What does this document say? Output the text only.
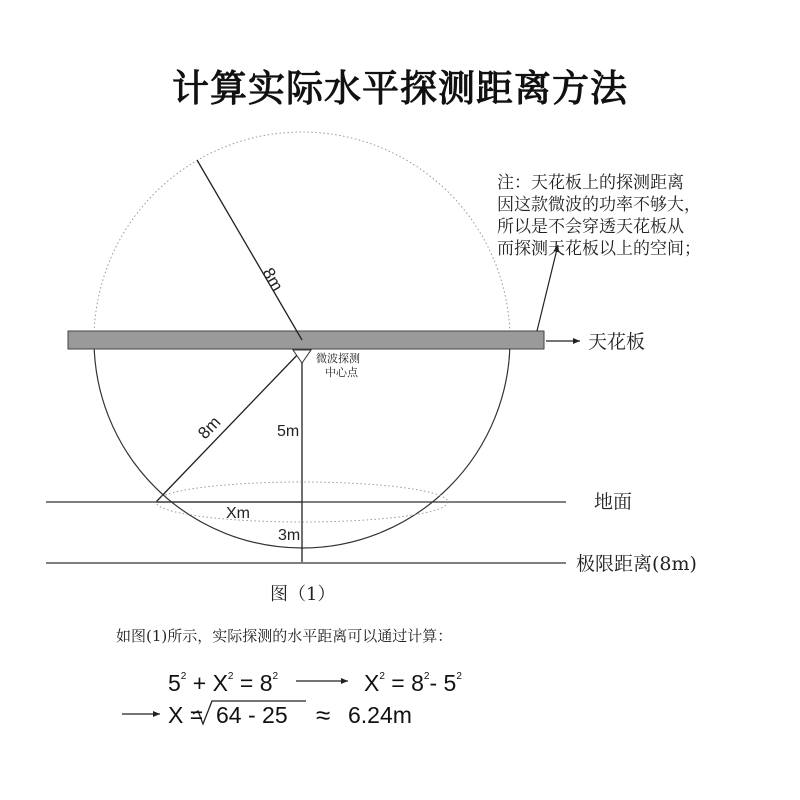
计算实际水平探测距离方法
注：天花板上的探测距离
因这款微波的功率不够大，
所以是不会穿透天花板从
而探测天花板以上的空间；
8m
8m	5m
3m
Xm
微波探测
中心点
天花板
地面
极限距离(8m)
图（1）
如图(1)所示，实际探测的水平距离可以通过计算：
$5^2 + X^2 = 8^2$	$X^2 = 8^2-$ $5^2$
X = 64 - 25 ≈ 6.24m
